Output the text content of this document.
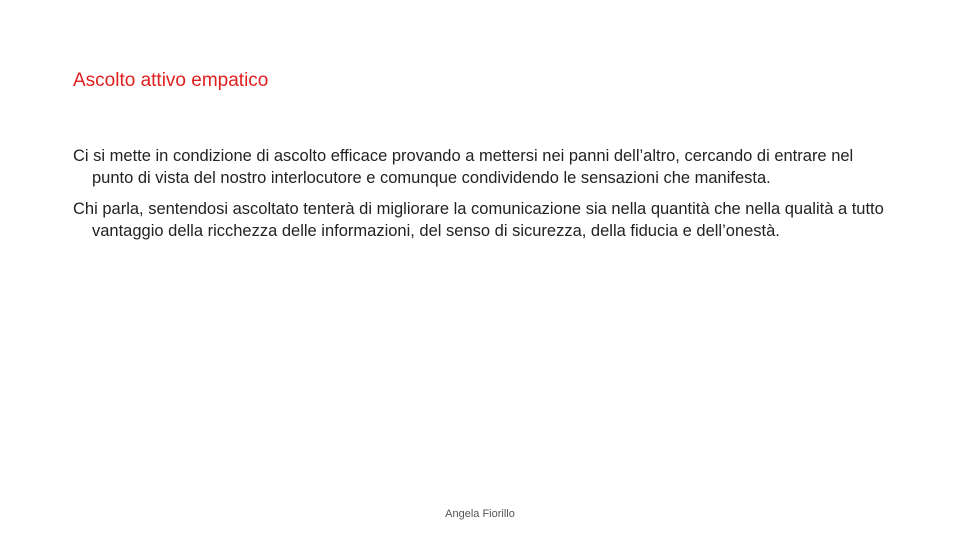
Ascolto attivo empatico

Ci si mette in condizione di ascolto efficace provando a mettersi nei panni dell’altro, cercando di entrare nel punto di vista del nostro interlocutore e comunque condividendo le sensazioni che manifesta.

Chi parla, sentendosi ascoltato tenterà di migliorare la comunicazione sia nella quantità che nella qualità a tutto vantaggio della ricchezza delle informazioni, del senso di sicurezza, della fiducia e dell’onestà.

Angela Fiorillo
